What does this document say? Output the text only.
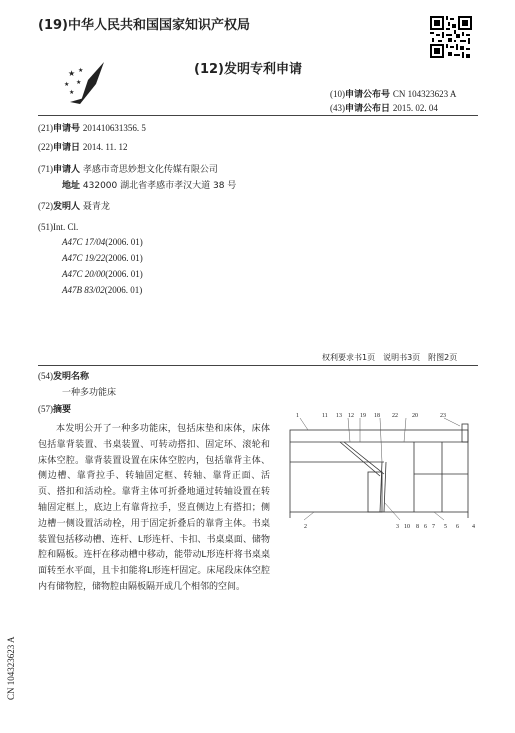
(19)中华人民共和国国家知识产权局
★
★
★
★
★	(12)发明专利申请
(10)申请公布号 CN 104323623 A
(43)申请公布日 2015. 02. 04
(21)申请号 201410631356. 5
(22)申请日 2014. 11. 12
(71)申请人 孝感市奇思妙想文化传媒有限公司
地址 432000 湖北省孝感市孝汉大道 38 号
(72)发明人 聂青龙
(51)Int. Cl.
A47C 17/04(2006. 01)
A47C 19/22(2006. 01)
A47C 20/00(2006. 01)
A47B 83/02(2006. 01)
权利要求书1页　说明书3页　附图2页
(54)发明名称
一种多功能床
(57)摘要
本发明公开了一种多功能床，包括床垫和床体，床体包括靠背装置、书桌装置、可转动搭扣、固定环、滚轮和床体空腔。靠背装置设置在床体空腔内，包括靠背主体、侧边槽、靠背拉手、转轴固定框、转轴、靠背正面、活页、搭扣和活动栓。靠背主体可折叠地通过转轴设置在转轴固定框上，底边上有靠背拉手，竖直侧边上有搭扣；侧边槽一侧设置活动栓，用于固定折叠后的靠背主体。书桌装置包括移动槽、连杆、L形连杆、卡扣、书桌桌面、储物腔和隔板。连杆在移动槽中移动，能带动L形连杆将书桌桌面转至水平面，且卡扣能将L形连杆固定。床尾段床体空腔内有储物腔，储物腔由隔板隔开成几个相邻的空间。
1	11 13 12 19 18 22 20	23
2	3 10 8 6 7 5 6 4
CN 104323623 A
